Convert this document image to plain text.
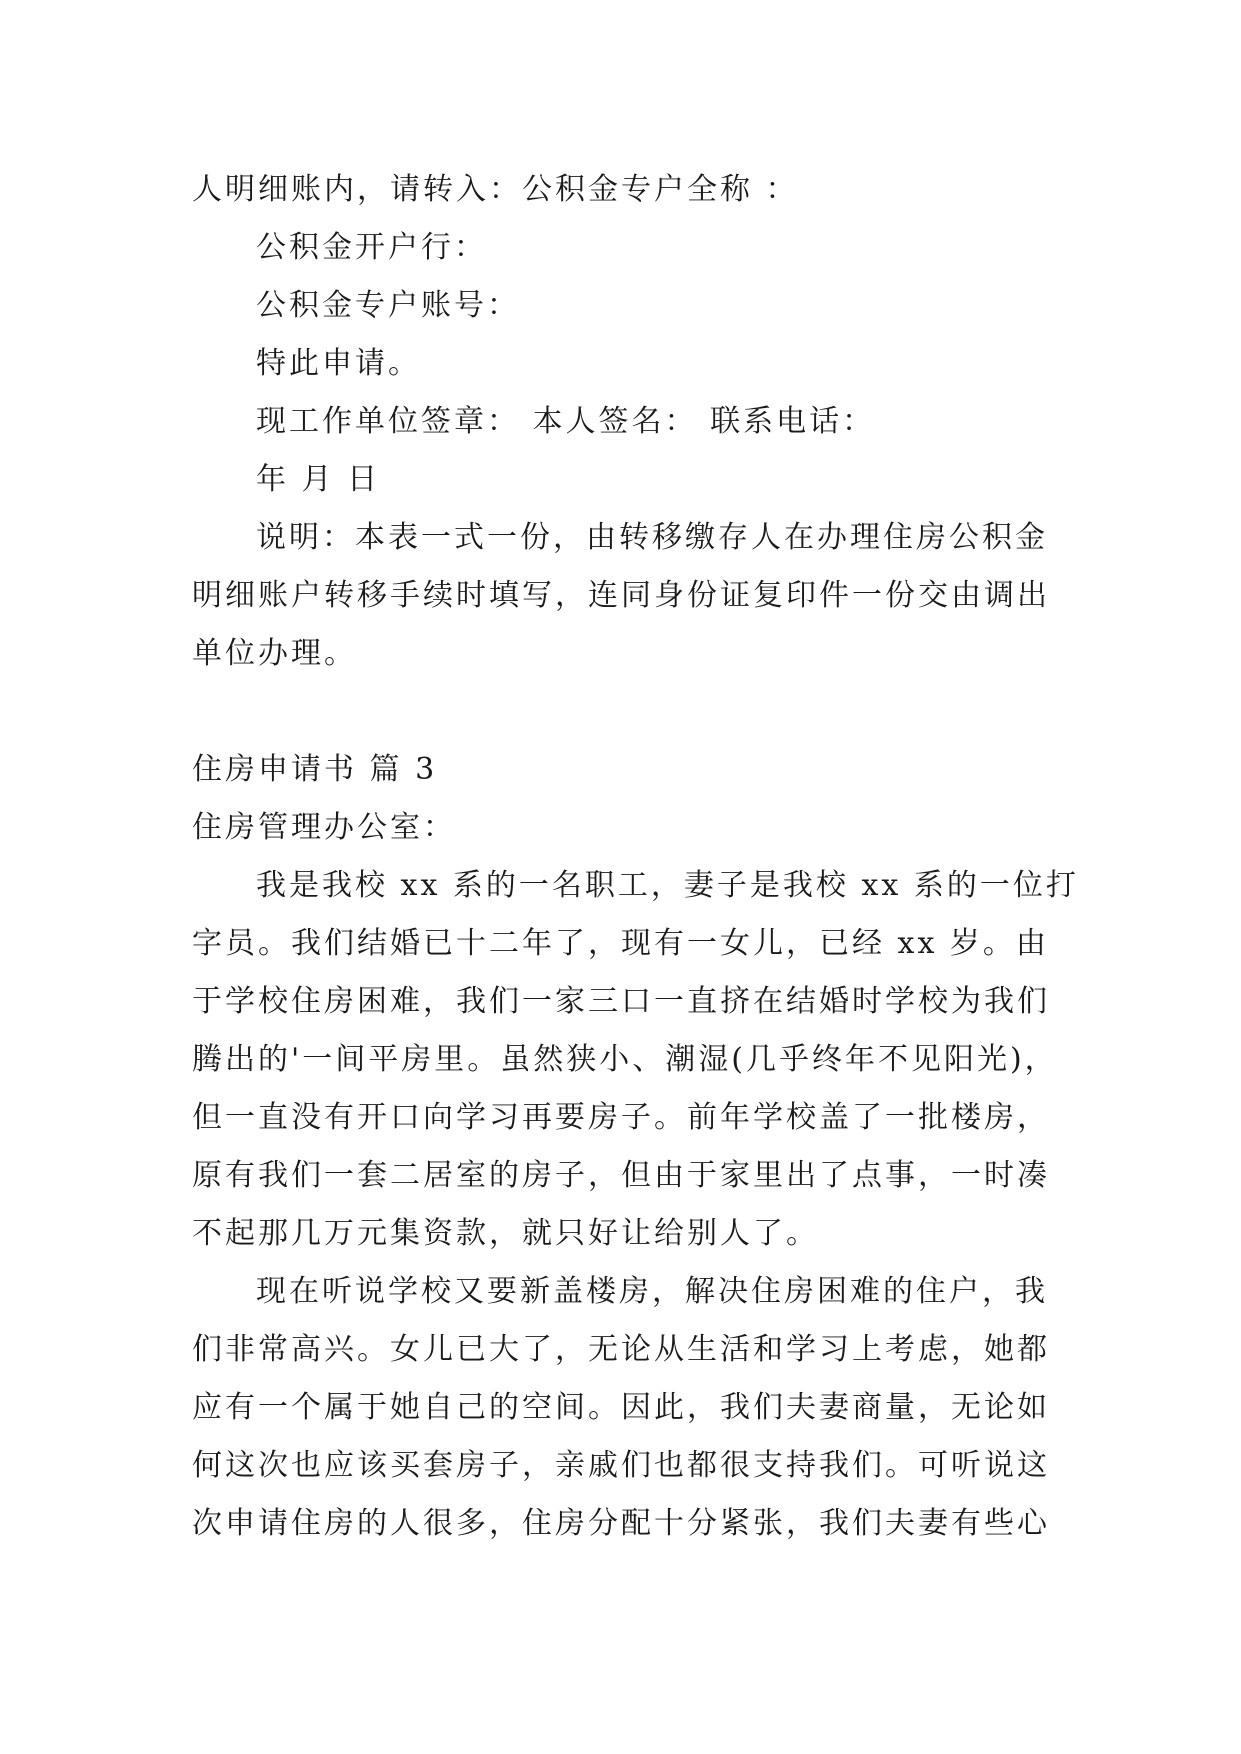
人明细账内，请转入：公积金专户全称 ：
公积金开户行：
公积金专户账号：
特此申请。
现工作单位签章： 本人签名： 联系电话：
年 月 日
说明：本表一式一份，由转移缴存人在办理住房公积金
明细账户转移手续时填写，连同身份证复印件一份交由调出
单位办理。
住房申请书 篇 3
住房管理办公室：
我是我校 xx 系的一名职工，妻子是我校 xx 系的一位打
字员。我们结婚已十二年了，现有一女儿，已经 xx 岁。由
于学校住房困难，我们一家三口一直挤在结婚时学校为我们
腾出的'一间平房里。虽然狭小、潮湿(几乎终年不见阳光)，
但一直没有开口向学习再要房子。前年学校盖了一批楼房，
原有我们一套二居室的房子，但由于家里出了点事，一时凑
不起那几万元集资款，就只好让给别人了。
现在听说学校又要新盖楼房，解决住房困难的住户，我
们非常高兴。女儿已大了，无论从生活和学习上考虑，她都
应有一个属于她自己的空间。因此，我们夫妻商量，无论如
何这次也应该买套房子，亲戚们也都很支持我们。可听说这
次申请住房的人很多，住房分配十分紧张，我们夫妻有些心
